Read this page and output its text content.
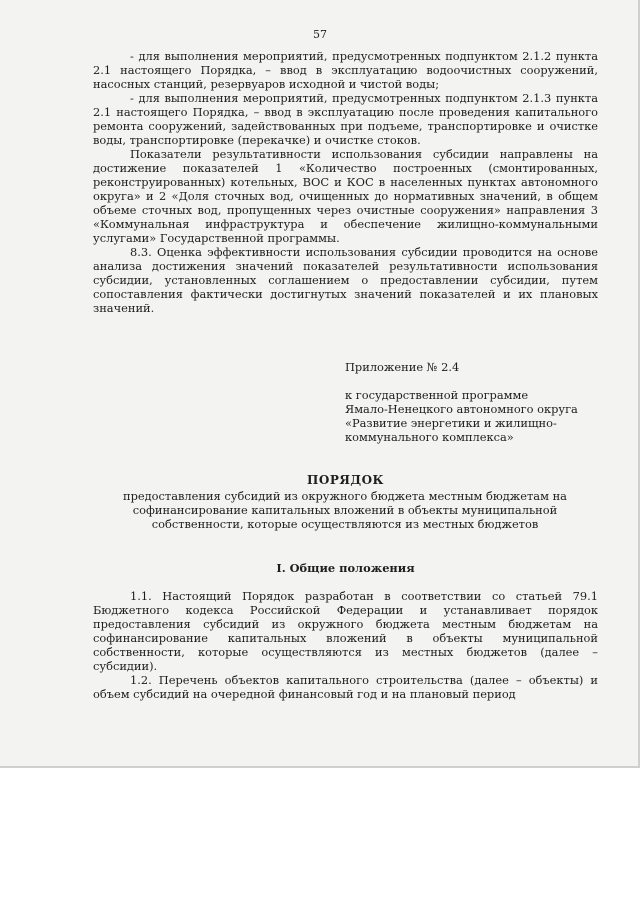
57

- для выполнения мероприятий, предусмотренных подпунктом 2.1.2 пункта 2.1 настоящего Порядка, – ввод в эксплуатацию водоочистных сооружений, насосных станций, резервуаров исходной и чистой воды;

- для выполнения мероприятий, предусмотренных подпунктом 2.1.3 пункта 2.1 настоящего Порядка, – ввод в эксплуатацию после проведения капитального ремонта сооружений, задействованных при подъеме, транспортировке и очистке воды, транспортировке (перекачке) и очистке стоков.

Показатели результативности использования субсидии направлены на достижение показателей 1 «Количество построенных (смонтированных, реконструированных) котельных, ВОС и КОС в населенных пунктах автономного округа» и 2 «Доля сточных вод, очищенных до нормативных значений, в общем объеме сточных вод, пропущенных через очистные сооружения» направления 3 «Коммунальная инфраструктура и обеспечение жилищно-коммунальными услугами» Государственной программы.

8.3. Оценка эффективности использования субсидии проводится на основе анализа достижения значений показателей результативности использования субсидии, установленных соглашением о предоставлении субсидии, путем сопоставления фактически достигнутых значений показателей и их плановых значений.

Приложение № 2.4

к государственной программе

Ямало-Ненецкого автономного округа

«Развитие энергетики и жилищно-

коммунального комплекса»

ПОРЯДОК
предоставления субсидий из окружного бюджета местным бюджетам на софинансирование капитальных вложений в объекты муниципальной собственности, которые осуществляются из местных бюджетов
I. Общие положения

1.1. Настоящий Порядок разработан в соответствии со статьей 79.1 Бюджетного кодекса Российской Федерации и устанавливает порядок предоставления субсидий из окружного бюджета местным бюджетам на софинансирование капитальных вложений в объекты муниципальной собственности, которые осуществляются из местных бюджетов (далее – субсидии).

1.2. Перечень объектов капитального строительства (далее – объекты) и объем субсидий на очередной финансовый год и на плановый период
